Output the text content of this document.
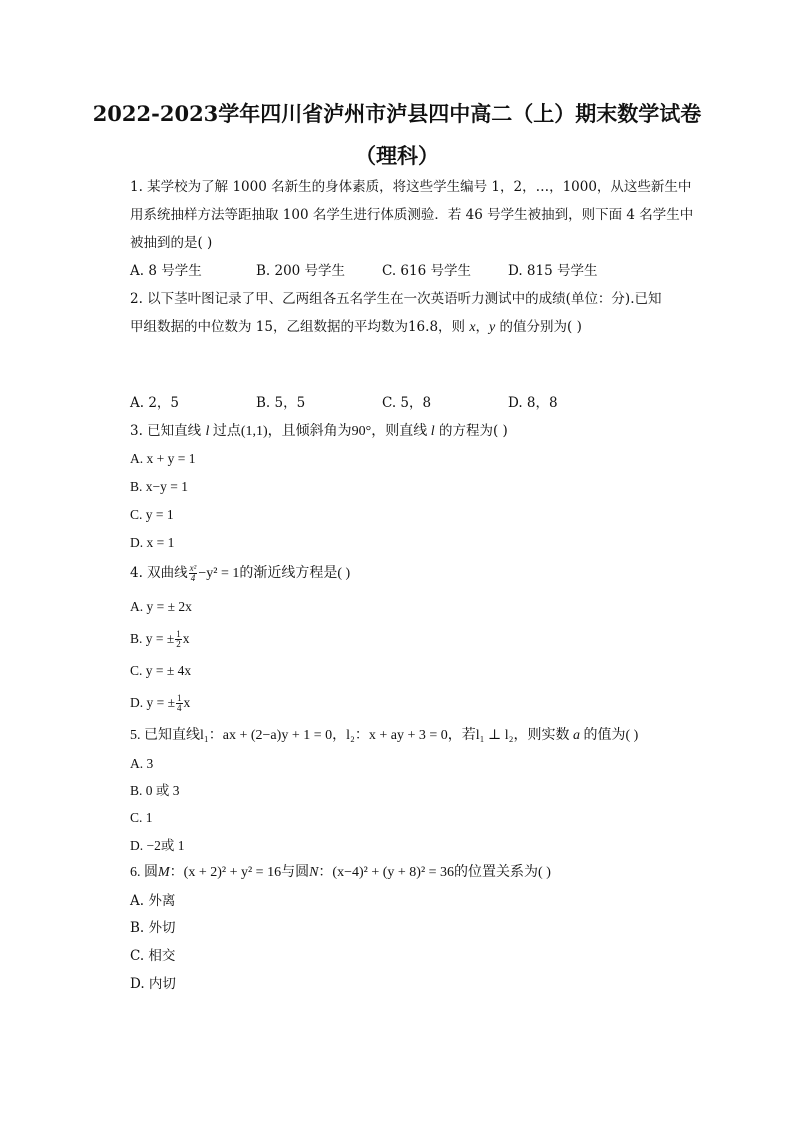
2022-2023学年四川省泸州市泸县四中高二（上）期末数学试卷
（理科）
1. 某学校为了解 1000 名新生的身体素质，将这些学生编号 1，2，…，1000，从这些新生中
用系统抽样方法等距抽取 100 名学生进行体质测验．若 46 号学生被抽到，则下面 4 名学生中
被抽到的是( )
A. 8 号学生	B. 200 号学生	C. 616 号学生	D. 815 号学生
2. 以下茎叶图记录了甲、乙两组各五名学生在一次英语听力测试中的成绩(单位：分).已知
甲组数据的中位数为 15，乙组数据的平均数为16.8，则 x，y 的值分别为( )
A. 2，5	B. 5，5	C. 5，8	D. 8，8
3. 已知直线 l 过点(1,1)，且倾斜角为90°，则直线 l 的方程为( )
A. x + y = 1
B. x−y = 1
C. y = 1
D. x = 1
4. 双曲线 $\frac{\text{x²}}{4} -y^2 = 1$的渐近线方程是( )
A. y = ± 2x
B. y = ± $\frac{1}{2}$ x
C. y = ± 4x
D. y = ± $\frac{1}{4}$ x
5. 已知直线l₁：ax + (2−a)y + 1 = 0，l₂：x + ay + 3 = 0，若l₁ ⊥ l₂，则实数 a 的值为( )
A. 3
B. 0 或 3
C. 1
D. −2或 1
6. 圆M：(x + 2)² + y² = 16与圆N：(x−4)² + (y + 8)² = 36的位置关系为( )
A. 外离
B. 外切
C. 相交
D. 内切
